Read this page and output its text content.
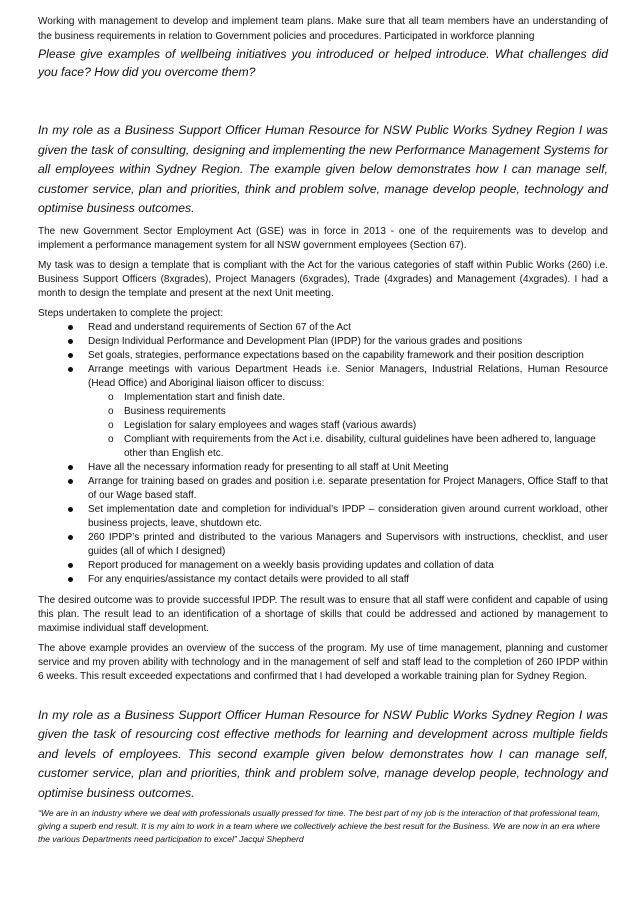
Working with management to develop and implement team plans. Make sure that all team members have an understanding of the business requirements in relation to Government policies and procedures. Participated in workforce planning

Please give examples of wellbeing initiatives you introduced or helped introduce. What challenges did you face? How did you overcome them?

In my role as a Business Support Officer Human Resource for NSW Public Works Sydney Region I was given the task of consulting, designing and implementing the new Performance Management Systems for all employees within Sydney Region. The example given below demonstrates how I can manage self, customer service, plan and priorities, think and problem solve, manage develop people, technology and optimise business outcomes.

The new Government Sector Employment Act (GSE) was in force in 2013 - one of the requirements was to develop and implement a performance management system for all NSW government employees (Section 67).

My task was to design a template that is compliant with the Act for the various categories of staff within Public Works (260) i.e. Business Support Officers (8xgrades), Project Managers (6xgrades), Trade (4xgrades) and Management (4xgrades). I had a month to design the template and present at the next Unit meeting.

Steps undertaken to complete the project:

Read and understand requirements of Section 67 of the Act
Design Individual Performance and Development Plan (IPDP) for the various grades and positions
Set goals, strategies, performance expectations based on the capability framework and their position description
Arrange meetings with various Department Heads i.e. Senior Managers, Industrial Relations, Human Resource (Head Office) and Aboriginal liaison officer to discuss:
o Implementation start and finish date.
o Business requirements
o Legislation for salary employees and wages staff (various awards)
o Compliant with requirements from the Act i.e. disability, cultural guidelines have been adhered to, language other than English etc.
Have all the necessary information ready for presenting to all staff at Unit Meeting
Arrange for training based on grades and position i.e. separate presentation for Project Managers, Office Staff to that of our Wage based staff.
Set implementation date and completion for individual’s IPDP – consideration given around current workload, other business projects, leave, shutdown etc.
260 IPDP’s printed and distributed to the various Managers and Supervisors with instructions, checklist, and user guides (all of which I designed)
Report produced for management on a weekly basis providing updates and collation of data
For any enquiries/assistance my contact details were provided to all staff

The desired outcome was to provide successful IPDP. The result was to ensure that all staff were confident and capable of using this plan. The result lead to an identification of a shortage of skills that could be addressed and actioned by management to maximise individual staff development.

The above example provides an overview of the success of the program. My use of time management, planning and customer service and my proven ability with technology and in the management of self and staff lead to the completion of 260 IPDP within 6 weeks. This result exceeded expectations and confirmed that I had developed a workable training plan for Sydney Region.

In my role as a Business Support Officer Human Resource for NSW Public Works Sydney Region I was given the task of resourcing cost effective methods for learning and development across multiple fields and levels of employees. This second example given below demonstrates how I can manage self, customer service, plan and priorities, think and problem solve, manage develop people, technology and optimise business outcomes.

“We are in an industry where we deal with professionals usually pressed for time. The best part of my job is the interaction of that professional team, giving a superb end result. It is my aim to work in a team where we collectively achieve the best result for the Business. We are now in an era where the various Departments need participation to excel” Jacqui Shepherd
